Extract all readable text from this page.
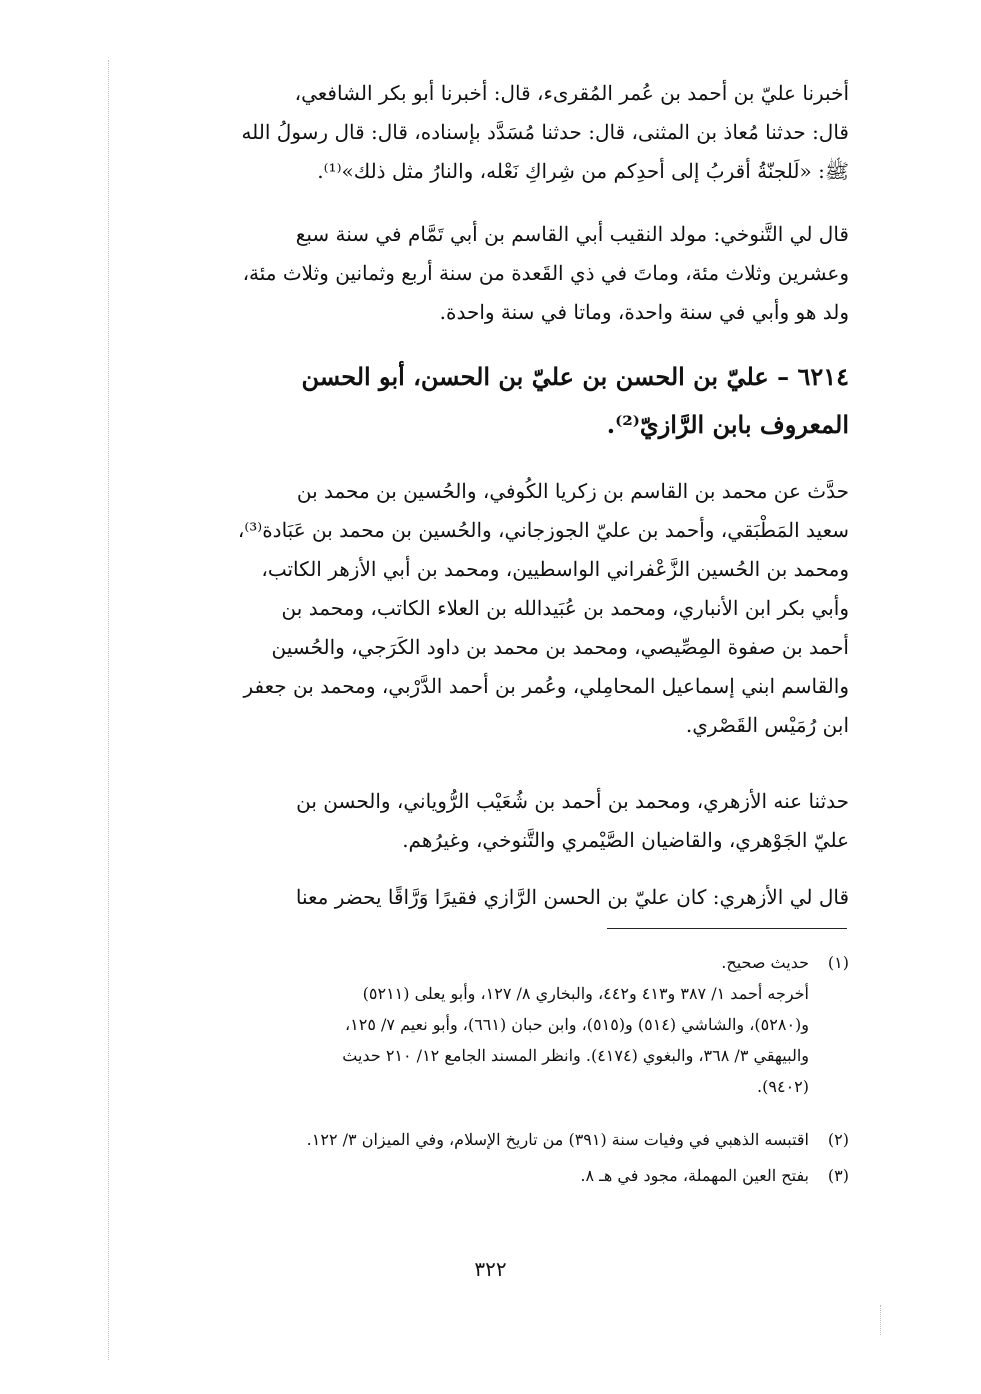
أخبرنا عليّ بن أحمد بن عُمر المُقرىء، قال: أخبرنا أبو بكر الشافعي،
قال: حدثنا مُعاذ بن المثنى، قال: حدثنا مُسَدَّد بإسناده، قال: قال رسولُ الله
ﷺ: «لَلجنّةُ أقربُ إلى أحدِكم من شِراكِ نَعْله، والنارُ مثل ذلك»⁽¹⁾.
قال لي التَّنوخي: مولد النقيب أبي القاسم بن أبي تَمَّام في سنة سبع
وعشرين وثلاث مئة، وماتَ في ذي القَعدة من سنة أربع وثمانين وثلاث مئة،
ولد هو وأبي في سنة واحدة، وماتا في سنة واحدة.
٦٢١٤ – عليّ بن الحسن بن عليّ بن الحسن، أبو الحسن
المعروف بابن الرَّازيّ⁽²⁾.
حدَّث عن محمد بن القاسم بن زكريا الكُوفي، والحُسين بن محمد بن
سعيد المَطْبَقي، وأحمد بن عليّ الجوزجاني، والحُسين بن محمد بن عَبَادة⁽³⁾،
ومحمد بن الحُسين الزَّعْفراني الواسطيين، ومحمد بن أبي الأزهر الكاتب،
وأبي بكر ابن الأنباري، ومحمد بن عُبَيدالله بن العلاء الكاتب، ومحمد بن
أحمد بن صفوة المِصِّيصي، ومحمد بن محمد بن داود الكَرَجي، والحُسين
والقاسم ابني إسماعيل المحامِلي، وعُمر بن أحمد الدَّرْبي، ومحمد بن جعفر
ابن رُمَيْس القَصْري.
حدثنا عنه الأزهري، ومحمد بن أحمد بن شُعَيْب الرُّوياني، والحسن بن
عليّ الجَوْهري، والقاضيان الصَّيْمري والتَّنوخي، وغيرُهم.
قال لي الأزهري: كان عليّ بن الحسن الرَّازي فقيرًا وَرَّاقًا يحضر معنا
(١)حديث صحيح.
أخرجه أحمد ١/ ٣٨٧ و٤١٣ و٤٤٢، والبخاري ٨/ ١٢٧، وأبو يعلى (٥٢١١)
و(٥٢٨٠)، والشاشي (٥١٤) و(٥١٥)، وابن حبان (٦٦١)، وأبو نعيم ٧/ ١٢٥،
والبيهقي ٣/ ٣٦٨، والبغوي (٤١٧٤). وانظر المسند الجامع ١٢/ ٢١٠ حديث
(٩٤٠٢).
(٢)اقتبسه الذهبي في وفيات سنة (٣٩١) من تاريخ الإسلام، وفي الميزان ٣/ ١٢٢.
(٣)بفتح العين المهملة، مجود في هـ ٨.
٣٢٢
